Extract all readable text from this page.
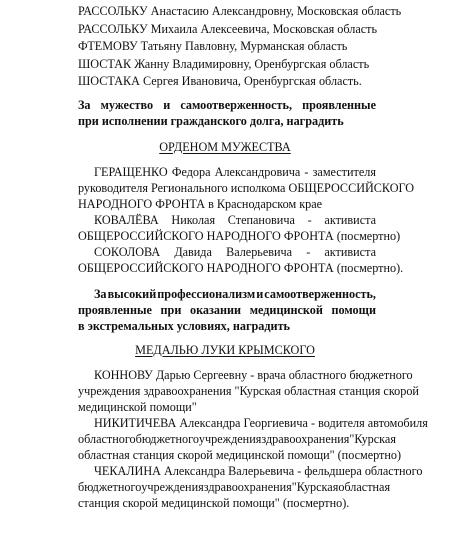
РАССОЛЬКУ Анастасию Александровну, Московская область
РАССОЛЬКУ Михаила Алексеевича, Московская область
ФТЕМОВУ Татьяну Павловну, Мурманская область
ШОСТАК Жанну Владимировну, Оренбургская область
ШОСТАКА Сергея Ивановича, Оренбургская область.
За мужество и самоотверженность, проявленные
при исполнении гражданского долга, наградить
ОРДЕНОМ МУЖЕСТВА
ГЕРАЩЕНКО Федора Александровича - заместителя
руководителя Регионального исполкома ОБЩЕРОССИЙСКОГО
НАРОДНОГО ФРОНТА в Краснодарском крае
КОВАЛЁВА Николая Степановича - активиста
ОБЩЕРОССИЙСКОГО НАРОДНОГО ФРОНТА (посмертно)
СОКОЛОВА Давида Валерьевича - активиста
ОБЩЕРОССИЙСКОГО НАРОДНОГО ФРОНТА (посмертно).
За высокий профессионализм и самоотверженность,
проявленные при оказании медицинской помощи
в экстремальных условиях, наградить
МЕДАЛЬЮ ЛУКИ КРЫМСКОГО
КОННОВУ Дарью Сергеевну - врача областного бюджетного
учреждения здравоохранения "Курская областная станция скорой
медицинской помощи"
НИКИТИЧЕВА Александра Георгиевича - водителя автомобиля
областного бюджетного учреждения здравоохранения "Курская
областная станция скорой медицинской помощи" (посмертно)
ЧЕКАЛИНА Александра Валерьевича - фельдшера областного
бюджетного учреждения здравоохранения "Курская областная
станция скорой медицинской помощи" (посмертно).
